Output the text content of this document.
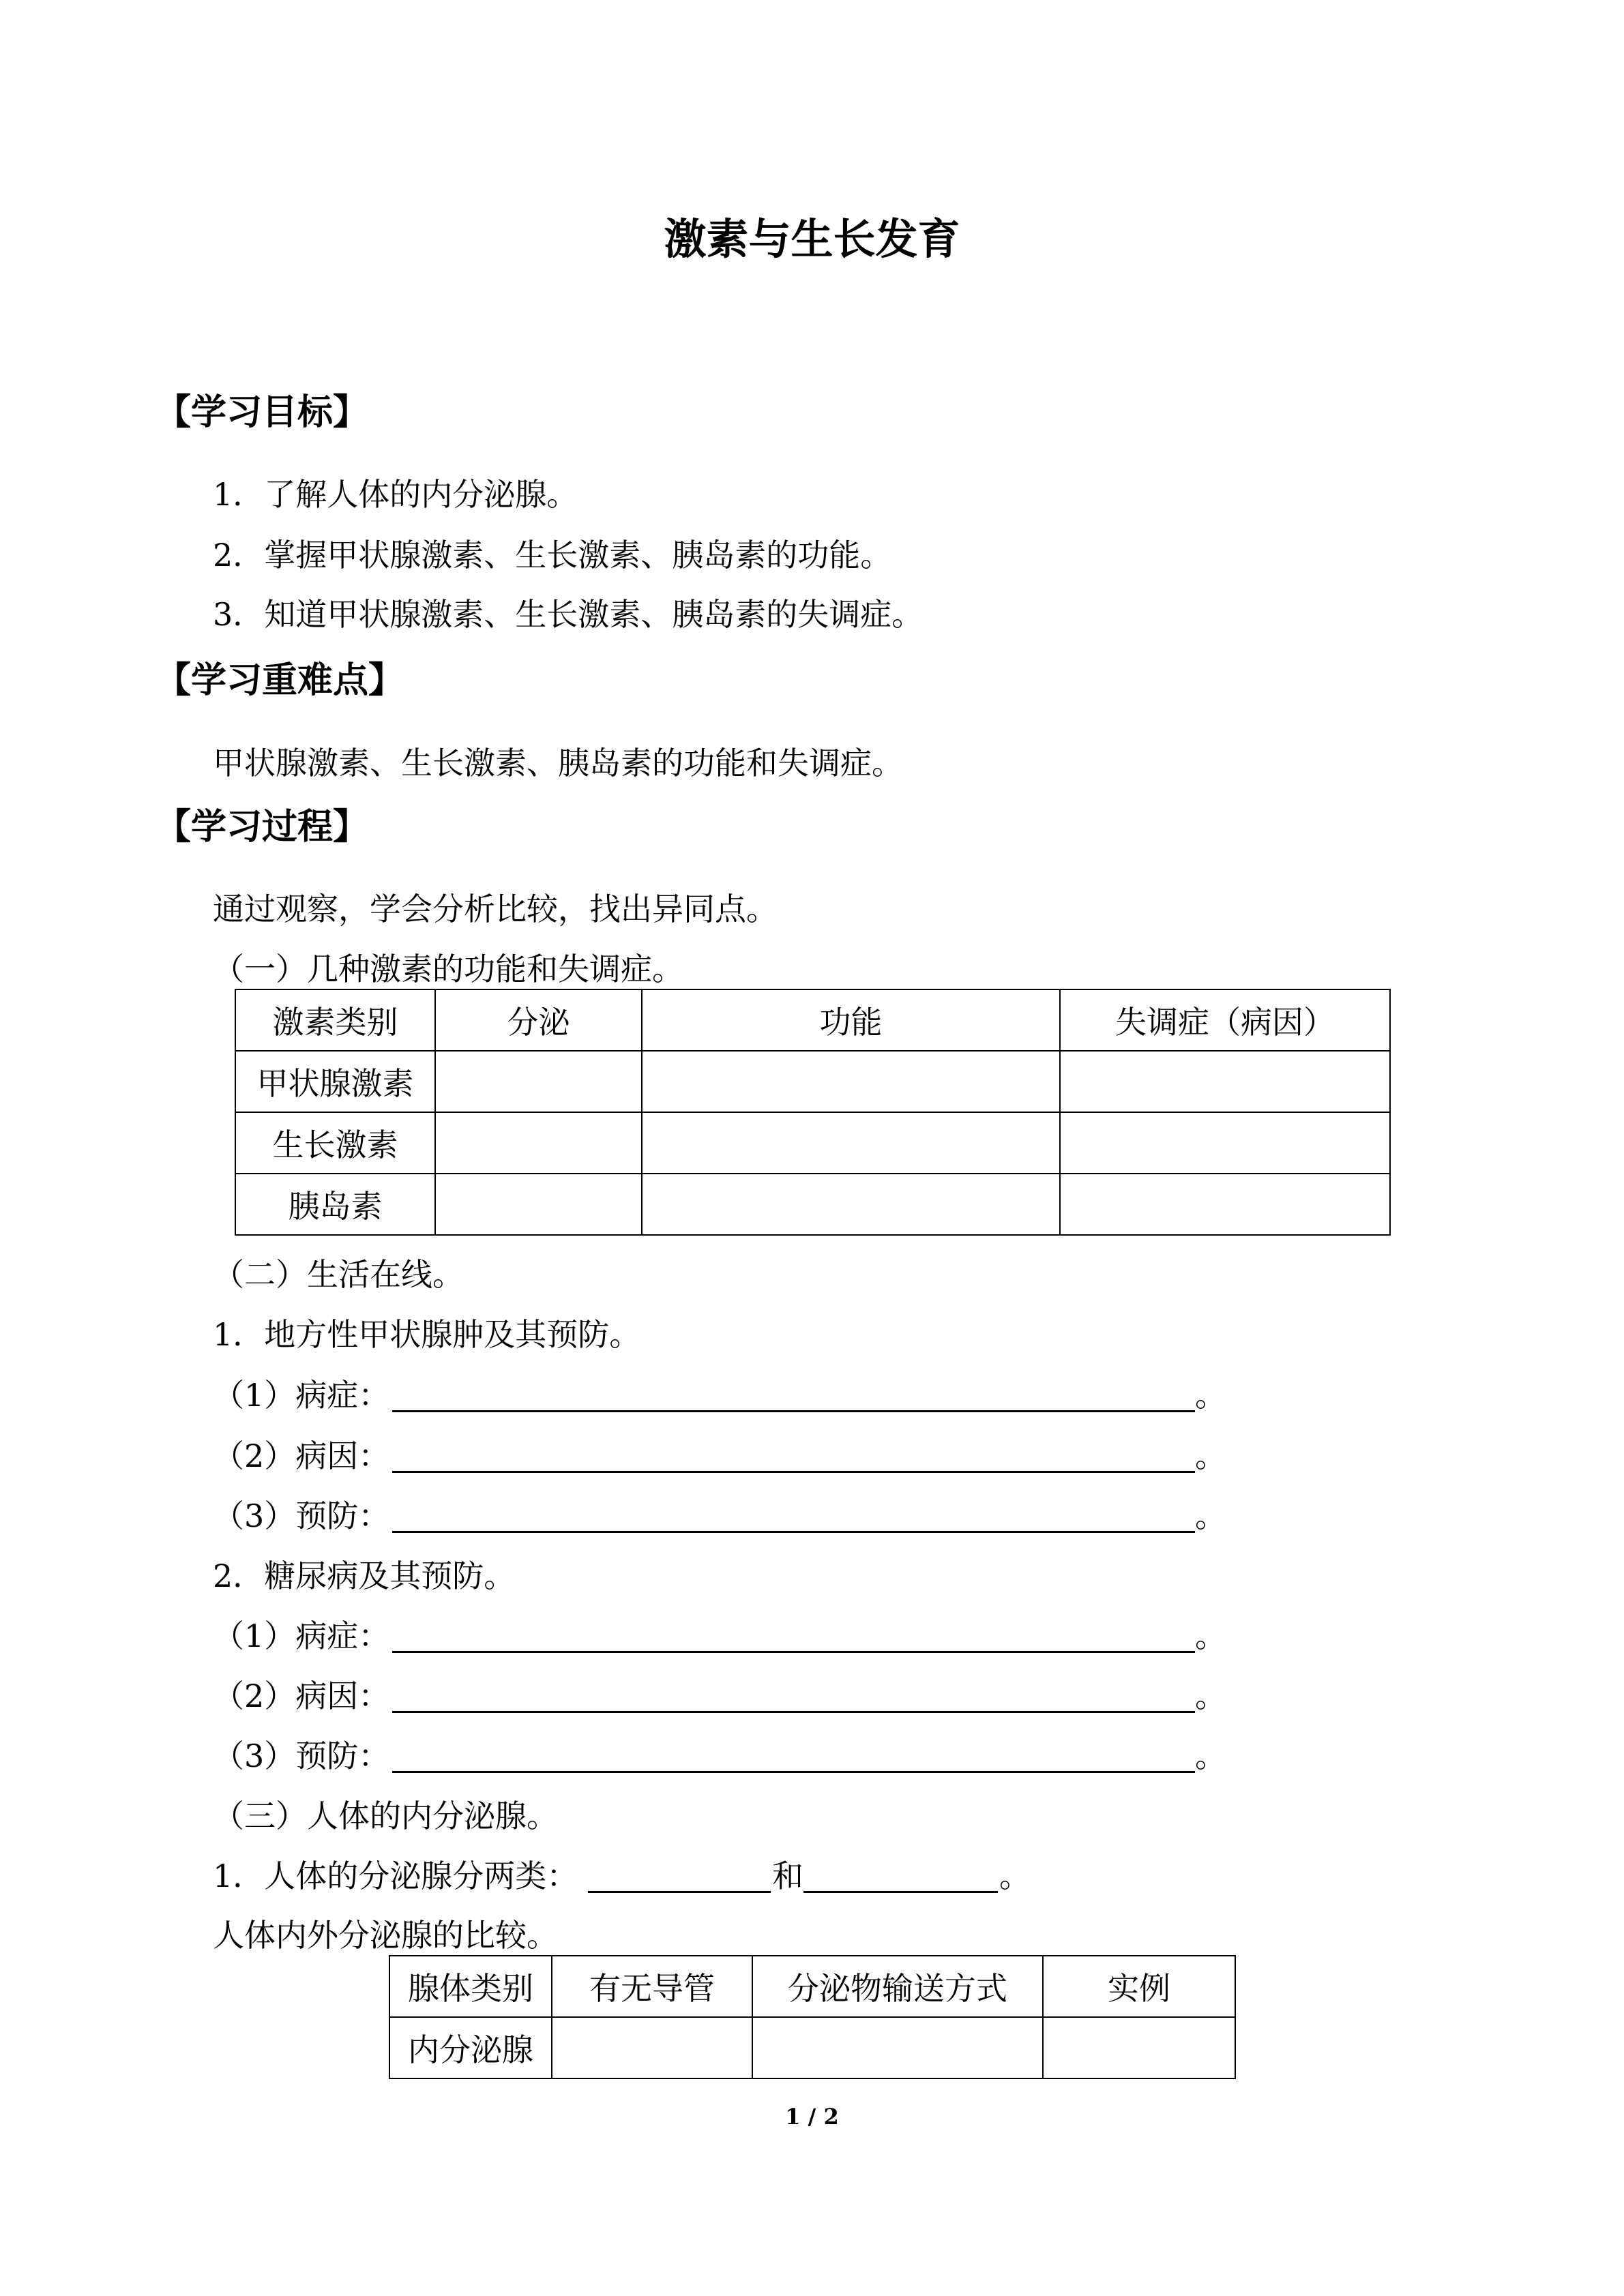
激素与生长发育
【学习目标】
1．了解人体的内分泌腺。
2．掌握甲状腺激素、生长激素、胰岛素的功能。
3．知道甲状腺激素、生长激素、胰岛素的失调症。
【学习重难点】
甲状腺激素、生长激素、胰岛素的功能和失调症。
【学习过程】
通过观察，学会分析比较，找出异同点。
（一）几种激素的功能和失调症。
激素类别	分泌	功能	失调症（病因）
甲状腺激素			
生长激素			
胰岛素			
（二）生活在线。
1．地方性甲状腺肿及其预防。
（1）病症：	。
（2）病因：	。
（3）预防：	。
2．糖尿病及其预防。
（1）病症：	。
（2）病因：	。
（3）预防：	。
（三）人体的内分泌腺。
1．人体的分泌腺分两类：	和	。
人体内外分泌腺的比较。
腺体类别	有无导管	分泌物输送方式	实例
内分泌腺			
1 / 2
